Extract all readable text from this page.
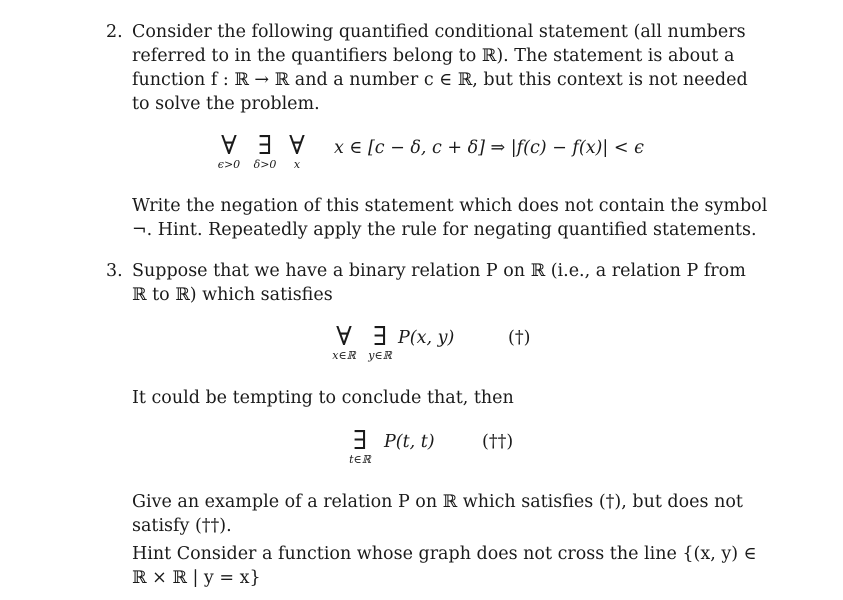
2. Consider the following quantified conditional statement (all numbers
referred to in the quantifiers belong to ℝ). The statement is about a
function f : ℝ → ℝ and a number c ∈ ℝ, but this context is not needed
to solve the problem.
∀
ϵ>0
∃
δ>0
∀
x
x ∈ [c − δ, c + δ] ⇒ |f(c) − f(x)| < ϵ
Write the negation of this statement which does not contain the symbol
¬. Hint. Repeatedly apply the rule for negating quantified statements.
3. Suppose that we have a binary relation P on ℝ (i.e., a relation P from
ℝ to ℝ) which satisfies
∀
x∈ℝ
∃
y∈ℝ
P(x, y)	(†)
It could be tempting to conclude that, then
∃
t∈ℝ
P(t, t)	(††)
Give an example of a relation P on ℝ which satisfies (†), but does not
satisfy (††).
Hint Consider a function whose graph does not cross the line {(x, y) ∈
ℝ × ℝ | y = x}
